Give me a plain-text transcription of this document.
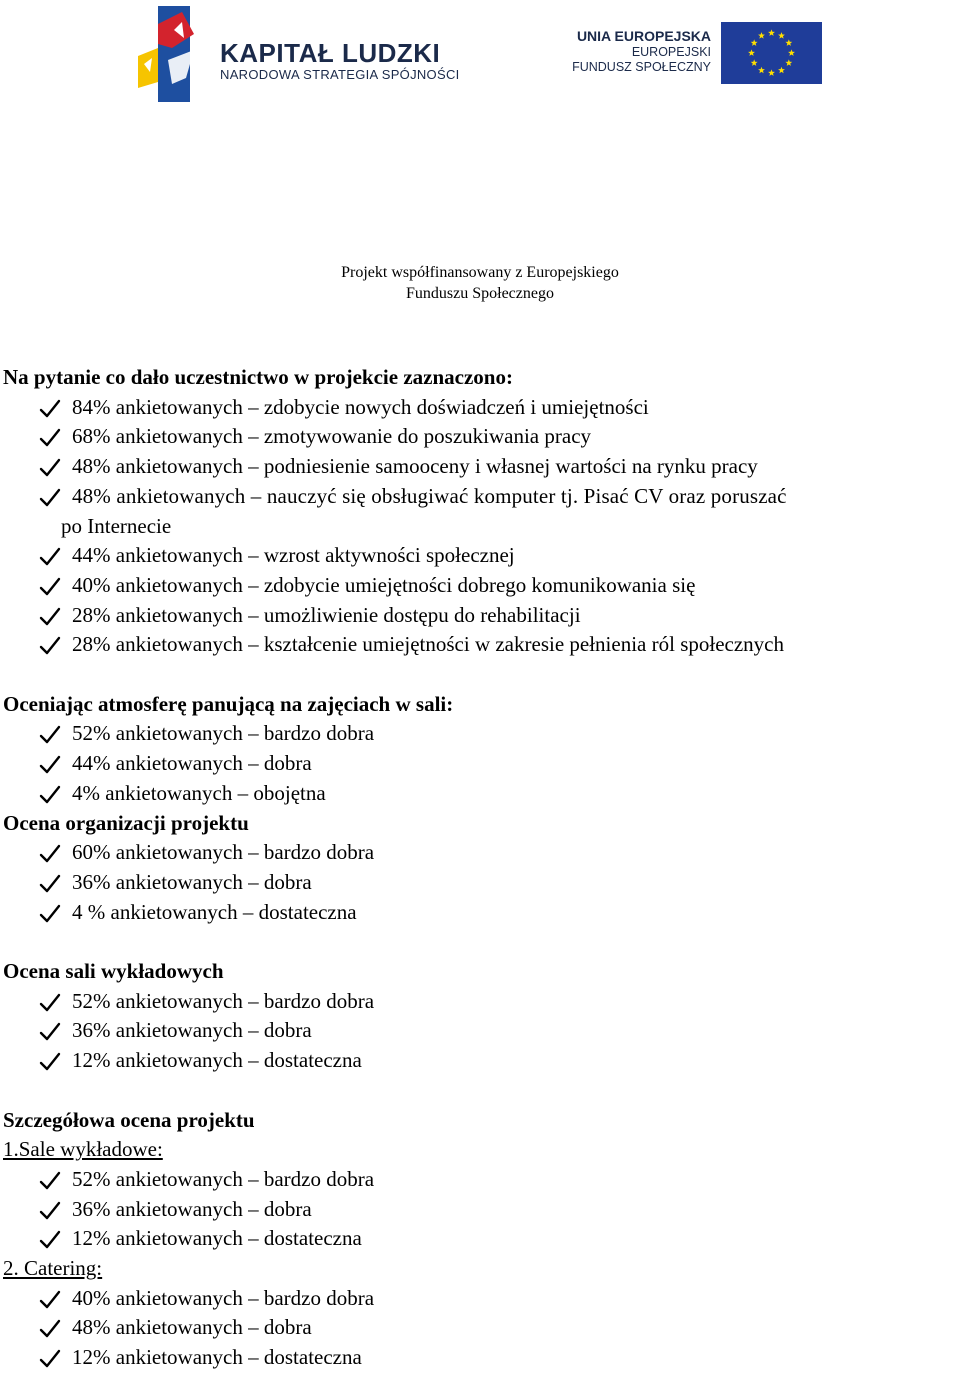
KAPITAŁ LUDZKI
NARODOWA STRATEGIA SPÓJNOŚCI
UNIA EUROPEJSKA
EUROPEJSKI
FUNDUSZ SPOŁECZNY
Projekt współfinansowany z Europejskiego
Funduszu Społecznego
Na pytanie co dało uczestnictwo w projekcie zaznaczono:
84% ankietowanych – zdobycie nowych doświadczeń i umiejętności
68% ankietowanych – zmotywowanie do poszukiwania pracy
48% ankietowanych – podniesienie samooceny i własnej wartości na rynku pracy
48% ankietowanych – nauczyć się obsługiwać komputer tj. Pisać CV oraz poruszać
po Internecie
44% ankietowanych – wzrost aktywności społecznej
40% ankietowanych – zdobycie umiejętności dobrego komunikowania się
28% ankietowanych – umożliwienie dostępu do rehabilitacji
28% ankietowanych – kształcenie umiejętności w zakresie pełnienia ról społecznych
Oceniając atmosferę panującą na zajęciach w sali:
52% ankietowanych – bardzo dobra
44% ankietowanych – dobra
4% ankietowanych – obojętna
Ocena organizacji projektu
60% ankietowanych – bardzo dobra
36% ankietowanych – dobra
4 % ankietowanych – dostateczna
Ocena sali wykładowych
52% ankietowanych – bardzo dobra
36% ankietowanych – dobra
12% ankietowanych – dostateczna
Szczegółowa ocena projektu
1.Sale wykładowe:
52% ankietowanych – bardzo dobra
36% ankietowanych – dobra
12% ankietowanych – dostateczna
2. Catering:
40% ankietowanych – bardzo dobra
48% ankietowanych – dobra
12% ankietowanych – dostateczna
